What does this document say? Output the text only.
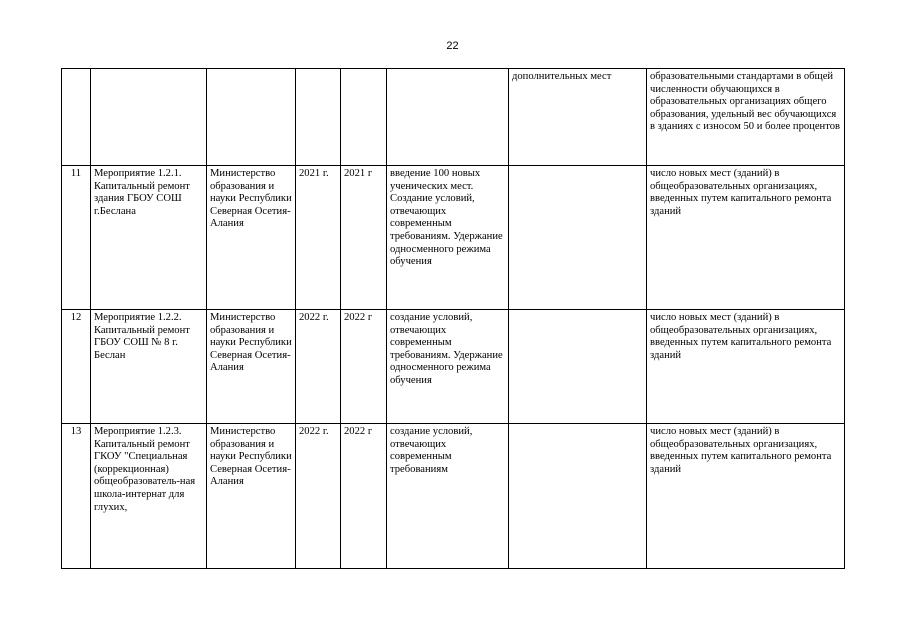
22
						дополнительных мест	образовательными стандартами в общей численности обучающихся в образовательных организациях общего образования, удельный вес обучающихся в зданиях с износом 50 и более процентов
11	Мероприятие 1.2.1. Капитальный ремонт здания ГБОУ СОШ г.Беслана	Министерство образования и науки Республики Северная Осетия-Алания	2021 г.	2021 г	введение 100 новых ученических мест. Создание условий, отвечающих современным требованиям. Удержание односменного режима обучения		число новых мест (зданий) в общеобразовательных организациях, введенных путем капитального ремонта зданий
12	Мероприятие 1.2.2. Капитальный ремонт ГБОУ СОШ № 8 г. Беслан	Министерство образования и науки Республики Северная Осетия-Алания	2022 г.	2022 г	создание условий, отвечающих современным требованиям. Удержание односменного режима обучения		число новых мест (зданий) в общеобразовательных организациях, введенных путем капитального ремонта зданий
13	Мероприятие 1.2.3. Капитальный ремонт ГКОУ "Специальная (коррекционная) общеобразователь-ная школа-интернат для глухих,	Министерство образования и науки Республики Северная Осетия-Алания	2022 г.	2022 г	создание условий, отвечающих современным требованиям		число новых мест (зданий) в общеобразовательных организациях, введенных путем капитального ремонта зданий
